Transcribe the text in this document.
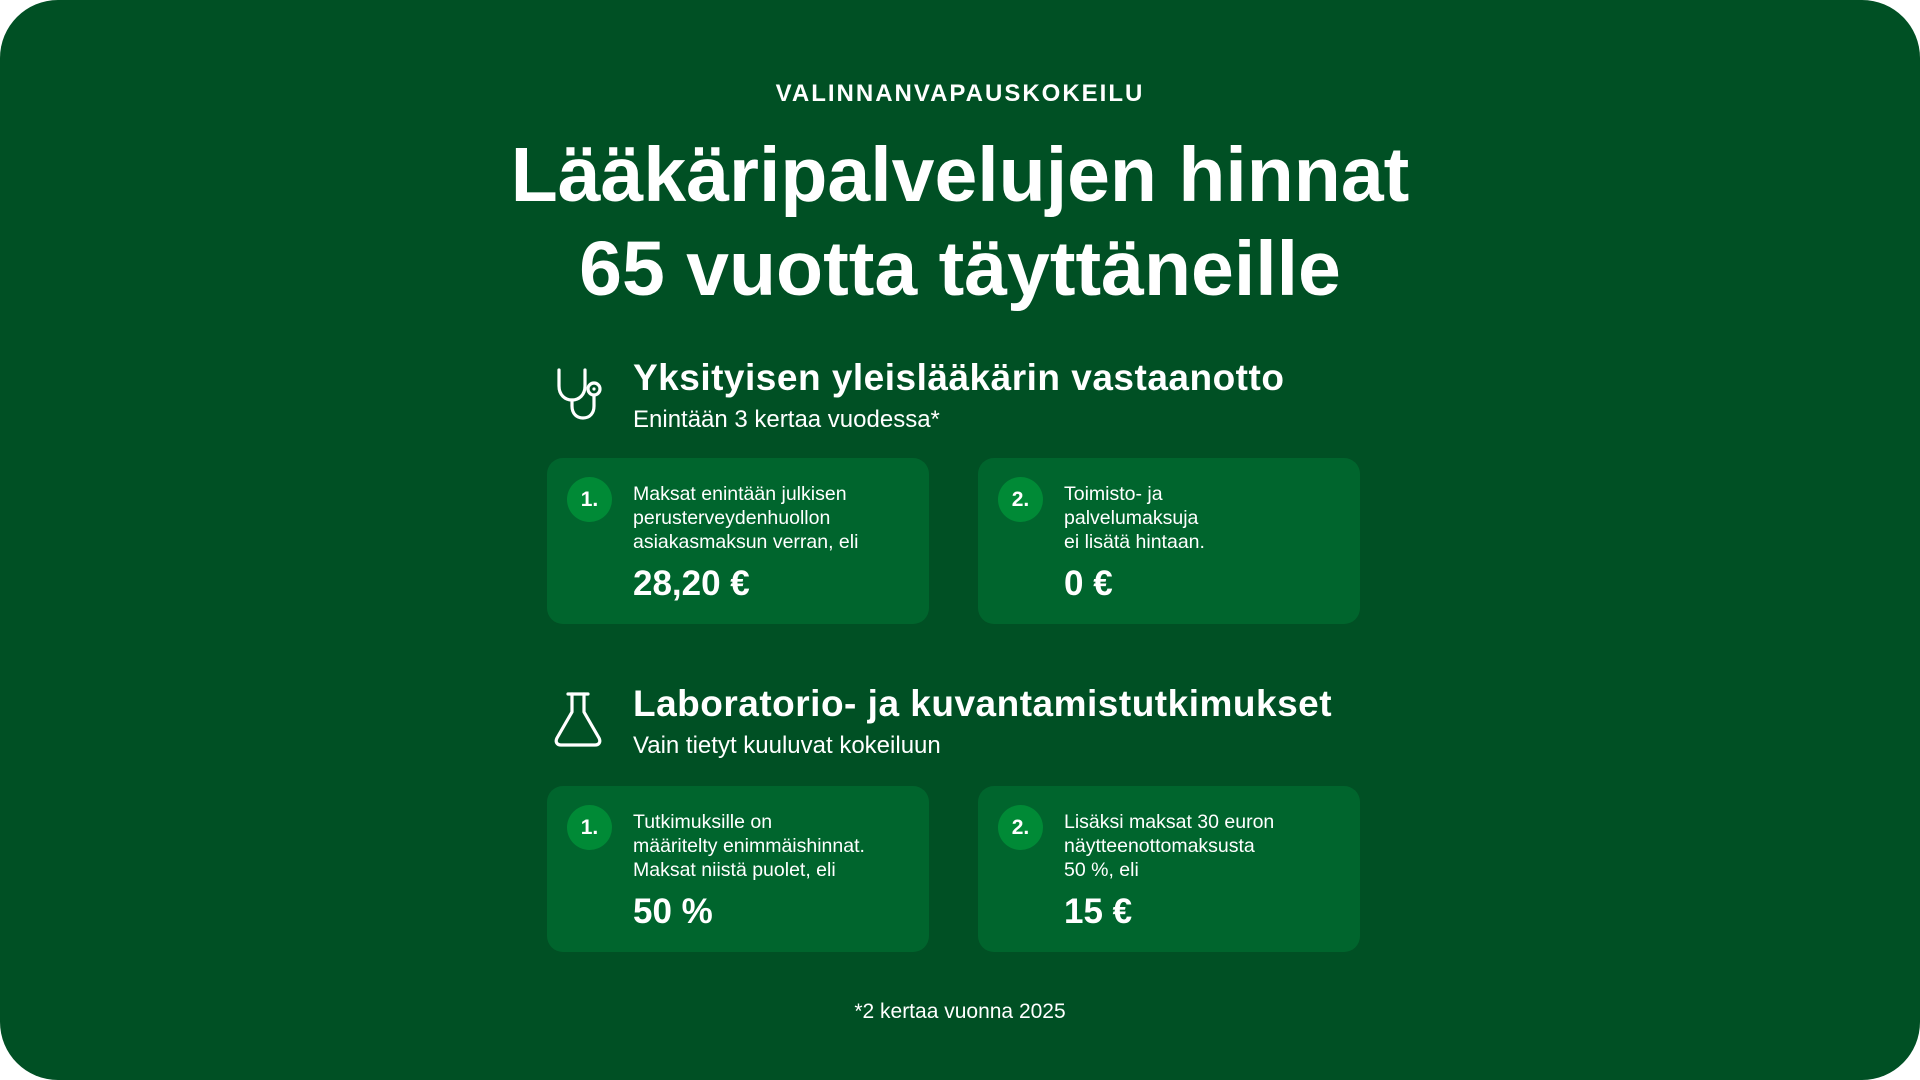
VALINNANVAPAUSKOKEILU
Lääkäripalvelujen hinnat
65 vuotta täyttäneille
Yksityisen yleislääkärin vastaanotto
Enintään 3 kertaa vuodessa*
1.	Maksat enintään julkisen
perusterveydenhuollon
asiakasmaksun verran, eli
28,20 €
2.	Toimisto- ja
palvelumaksuja
ei lisätä hintaan.
0 €
Laboratorio- ja kuvantamistutkimukset
Vain tietyt kuuluvat kokeiluun
1.	Tutkimuksille on
määritelty enimmäishinnat.
Maksat niistä puolet, eli
50 %
2.	Lisäksi maksat 30 euron
näytteenottomaksusta
50 %, eli
15 €
*2 kertaa vuonna 2025
